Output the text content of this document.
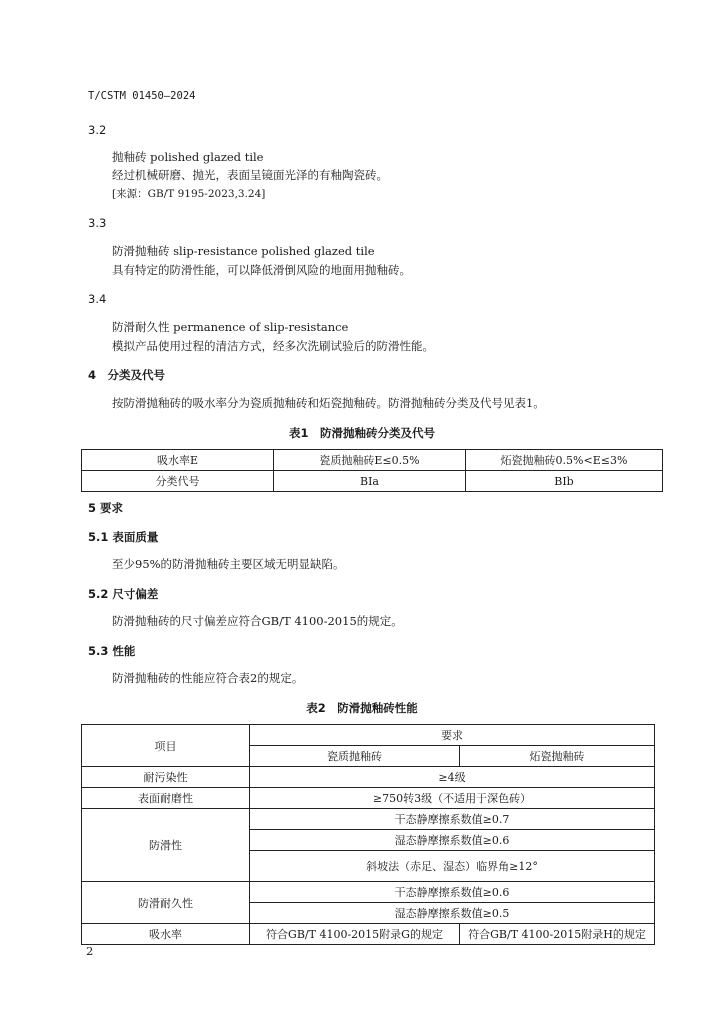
T/CSTM 01450—2024
3.2
抛釉砖 polished glazed tile
经过机械研磨、抛光，表面呈镜面光泽的有釉陶瓷砖。
[来源：GB/T 9195-2023,3.24]
3.3
防滑抛釉砖 slip-resistance polished glazed tile
具有特定的防滑性能，可以降低滑倒风险的地面用抛釉砖。
3.4
防滑耐久性 permanence of slip-resistance
模拟产品使用过程的清洁方式，经多次洗刷试验后的防滑性能。
4　分类及代号
按防滑抛釉砖的吸水率分为瓷质抛釉砖和炻瓷抛釉砖。防滑抛釉砖分类及代号见表1。
表1　防滑抛釉砖分类及代号
吸水率E	瓷质抛釉砖E≤0.5%	炻瓷抛釉砖0.5%<E≤3%
分类代号	BⅠa	BⅠb
5 要求
5.1 表面质量
至少95%的防滑抛釉砖主要区域无明显缺陷。
5.2 尺寸偏差
防滑抛釉砖的尺寸偏差应符合GB/T 4100-2015的规定。
5.3 性能
防滑抛釉砖的性能应符合表2的规定。
表2　防滑抛釉砖性能
项目	要求	
	瓷质抛釉砖	炻瓷抛釉砖
耐污染性	≥4级	
表面耐磨性	≥750转3级（不适用于深色砖）	
防滑性	干态静摩擦系数值≥0.7	
	湿态静摩擦系数值≥0.6	
	斜坡法（赤足、湿态）临界角≥12°	
防滑耐久性	干态静摩擦系数值≥0.6	
	湿态静摩擦系数值≥0.5	
吸水率	符合GB/T 4100-2015附录G的规定	符合GB/T 4100-2015附录H的规定
2
